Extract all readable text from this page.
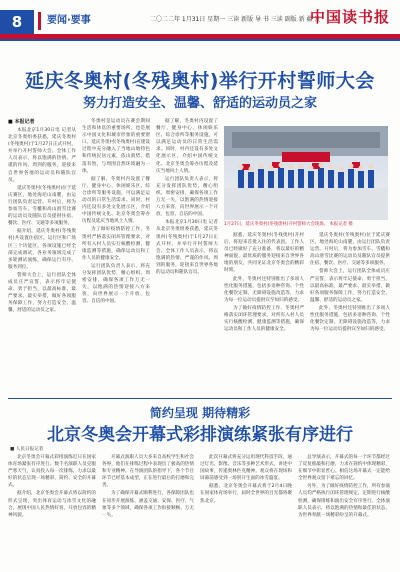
8	要闻·要事	二〇二二年 1月31日 星期一 三读 新版 导 书 三读 副版 新 疆 发
中国读书报
延庆冬奥村(冬残奥村)举行开村誓师大会
努力打造安全、温馨、舒适的运动员之家
■ 本报记者

本报北京1月30日电 记者从北京冬奥组委获悉，延庆冬奥村(冬残奥村)于1月27日正式开村，并举行开村誓师大会。全体工作人员表示，将以饱满的热情、严谨的作风、周到的服务，迎接来自世界各地的运动员和随队官员。

延庆冬奥村(冬残奥村)位于延庆赛区，地处海坨山南麓，由运行团队负责运营。开村后，将为参加雪车、雪橇和高山滑雪比赛的运动员及随队官员提供住宿、餐饮、医疗、交通等多项服务。

据介绍，延庆冬奥村(冬残奥村)共设置住宿区、运行区和广场区三个功能区。各项设施已经全部完成调试，各业务领域完成了多轮测试演练，确保运行有序、服务到位。

誓师大会上，运行团队全体成员庄严宣誓，表示将牢记使命、勇于担当，以最高标准、最严要求、最实举措，做好各项服务保障工作，努力打造安全、温馨、舒适的运动员之家。

冬奥村是运动员在赛会期间生活和休息的重要场所，也是展示中国文化和城市形象的重要窗口。延庆冬奥村(冬残奥村)在建设过程中充分融入了当地山地特色和传统民居元素，依山就势、错落有致，与周围自然环境融为一体。

据了解，冬奥村内设置了餐厅、健身中心、休闲娱乐区、综合诊所等服务设施，可以满足运动员的日常生活需求。同时，村内还设有多处文化展示区，介绍中国传统文化、北京冬奥会筹办历程及延庆当地风土人情。

为了做好疫情防控工作，冬奥村严格落实闭环管理要求，对所有入村人员实行核酸检测、健康监测等措施，确保运动员和工作人员的健康安全。

运行团队负责人表示，将充分发挥团队优势，精心组织、周密安排，确保各项工作万无一失，以饱满的热情迎接八方来客，向世界展示一个开放、包容、自信的中国。

据了解，冬奥村内设置了餐厅、健身中心、休闲娱乐区、综合诊所等服务设施，可以满足运动员的日常生活需求。同时，村内还设有多处文化展示区，介绍中国传统文化、北京冬奥会筹办历程及延庆当地风土人情。

运行团队负责人表示，将充分发挥团队优势，精心组织、周密安排，确保各项工作万无一失，以饱满的热情迎接八方来客，向世界展示一个开放、包容、自信的中国。

本报北京1月30日电 记者从北京冬奥组委获悉，延庆冬奥村(冬残奥村)于1月27日正式开村，并举行开村誓师大会。全体工作人员表示，将以饱满的热情、严谨的作风、周到的服务，迎接来自世界各地的运动员和随队官员。

1月27日，延庆冬奥村(冬残奥村)开村誓师大会现场。 本报记者 摄

据悉，延庆冬奥村(冬残奥村)开村后，将迎来首批入住的代表团。工作人员已经做好了充分准备，将以最好的精神面貌、最优质的服务迎接来自世界各地的朋友，共同见证北京冬奥会的精彩时刻。

此外，冬奥村还特别推出了多项人性化服务措施，包括多语种咨询、个性化餐饮定制、无障碍设施改造等，力求为每一位运动员提供宾至如归的感受。

为了做好疫情防控工作，冬奥村严格落实闭环管理要求，对所有入村人员实行核酸检测、健康监测等措施，确保运动员和工作人员的健康安全。

延庆冬奥村(冬残奥村)位于延庆赛区，地处海坨山南麓，由运行团队负责运营。开村后，将为参加雪车、雪橇和高山滑雪比赛的运动员及随队官员提供住宿、餐饮、医疗、交通等多项服务。

誓师大会上，运行团队全体成员庄严宣誓，表示将牢记使命、勇于担当，以最高标准、最严要求、最实举措，做好各项服务保障工作，努力打造安全、温馨、舒适的运动员之家。

此外，冬奥村还特别推出了多项人性化服务措施，包括多语种咨询、个性化餐饮定制、无障碍设施改造等，力求为每一位运动员提供宾至如归的感受。

简约呈现 期待精彩
北京冬奥会开幕式彩排演练紧张有序进行
■ 人民日报记者

北京冬奥会开幕式彩排演练近日在国家体育场紧张有序进行。数千名演职人员克服严寒天气，认真投入每一次排练，力求以最好的状态呈现一场精彩、简约、安全的开幕式。

据介绍，北京冬奥会开幕式将以简约的形式呈现，突出体育运动与冰雪文化的融合，展现中国人民热情好客、开放包容的精神风貌。

开幕式演职人员大多来自高校学生和社会各界，他们在排练过程中表现出了极高的热情和专业精神。在导演团队的指导下，各个节目环节已经基本成型，正在进行最后的打磨和完善。

为了确保开幕式顺利进行，各保障团队也在同步开展演练，涵盖交通、安保、医疗、气象等多个领域，确保各项工作衔接顺畅、万无一失。

此次开幕式将充分运用现代科技手段，通过灯光、影像、音乐等多种艺术形式，讲述中国故事，传递奥林匹克精神。观众将在现场和屏幕前感受到一场别开生面的冰雪盛宴。

据悉，北京冬奥会开幕式将于2月4日晚在国家体育场举行，届时全世界的目光都将聚焦北京。

总导演表示，开幕式的每一个环节都经过了反复推敲和打磨，力求在简约中体现精彩，在细节中彰显匠心。相信这场开幕式一定能给全世界观众留下难忘的回忆。

另外，为了做好疫情防控工作，所有参演人员均严格执行闭环管理规定，定期进行核酸检测，确保排练和演出安全有序进行。全体演职人员表示，将以饱满的热情和最佳的状态，为世界奉献一场精彩纷呈的开幕式。
